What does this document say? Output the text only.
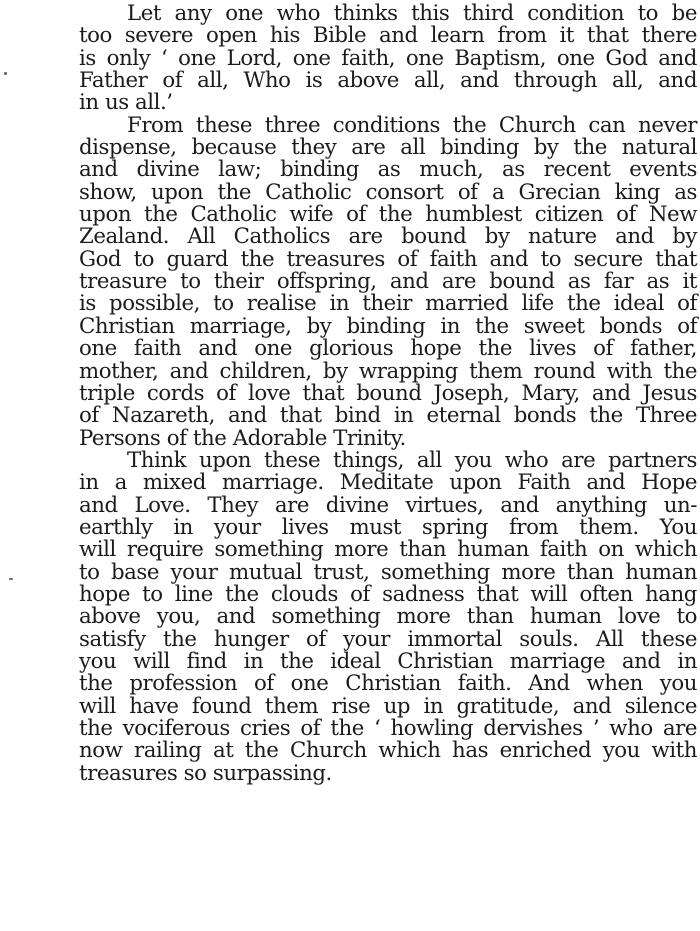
Let any one who thinks this third condition to be
too severe open his Bible and learn from it that there
is only ‘ one Lord, one faith, one Baptism, one God and
Father of all, Who is above all, and through all, and
in us all.’
From these three conditions the Church can never
dispense, because they are all binding by the natural
and divine law; binding as much, as recent events
show, upon the Catholic consort of a Grecian king as
upon the Catholic wife of the humblest citizen of New
Zealand. All Catholics are bound by nature and by
God to guard the treasures of faith and to secure that
treasure to their offspring, and are bound as far as it
is possible, to realise in their married life the ideal of
Christian marriage, by binding in the sweet bonds of
one faith and one glorious hope the lives of father,
mother, and children, by wrapping them round with the
triple cords of love that bound Joseph, Mary, and Jesus
of Nazareth, and that bind in eternal bonds the Three
Persons of the Adorable Trinity.
Think upon these things, all you who are partners
in a mixed marriage. Meditate upon Faith and Hope
and Love. They are divine virtues, and anything un-
earthly in your lives must spring from them. You
will require something more than human faith on which
to base your mutual trust, something more than human
hope to line the clouds of sadness that will often hang
above you, and something more than human love to
satisfy the hunger of your immortal souls. All these
you will find in the ideal Christian marriage and in
the profession of one Christian faith. And when you
will have found them rise up in gratitude, and silence
the vociferous cries of the ‘ howling dervishes ’ who are
now railing at the Church which has enriched you with
treasures so surpassing.
